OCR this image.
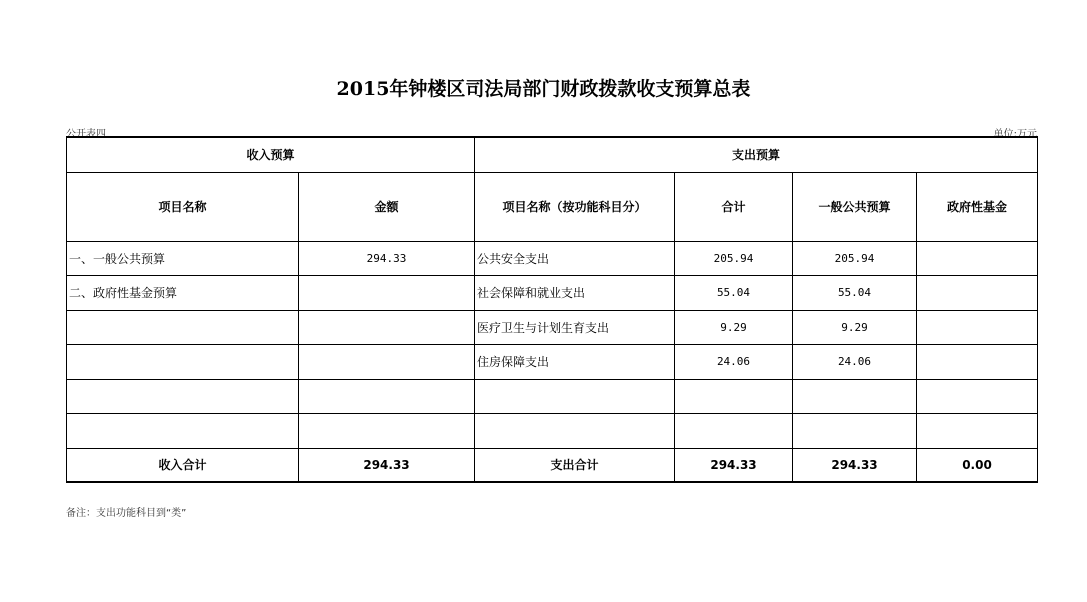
2015年钟楼区司法局部门财政拨款收支预算总表
公开表四	单位:万元
收入预算		支出预算			
项目名称	金额	项目名称（按功能科目分）	合计	一般公共预算	政府性基金
一、一般公共预算	294.33	公共安全支出	205.94	205.94	
二、政府性基金预算		社会保障和就业支出	55.04	55.04	
		医疗卫生与计划生育支出	9.29	9.29	
		住房保障支出	24.06	24.06	

收入合计	294.33	支出合计	294.33	294.33	0.00
备注：支出功能科目到“类”
